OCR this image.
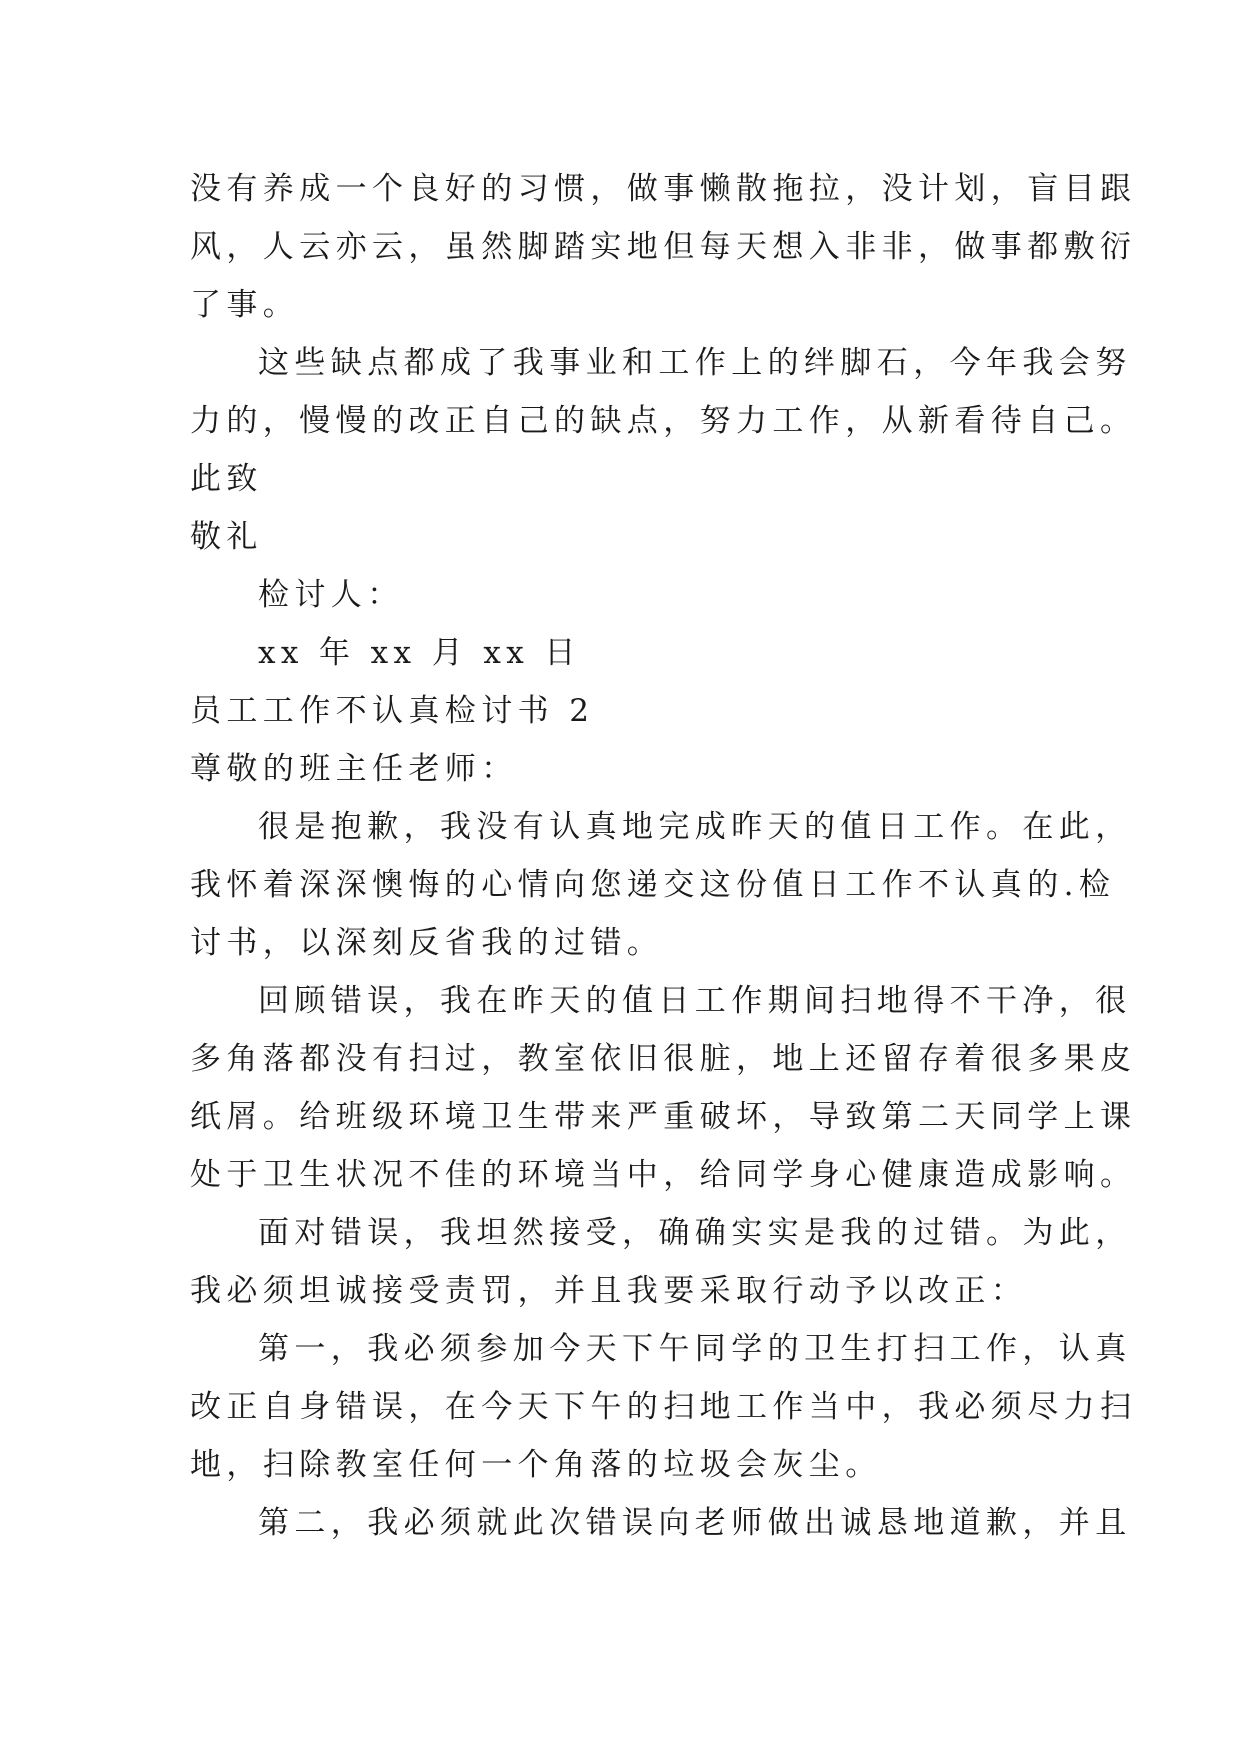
没有养成一个良好的习惯，做事懒散拖拉，没计划，盲目跟
风，人云亦云，虽然脚踏实地但每天想入非非，做事都敷衍
了事。
这些缺点都成了我事业和工作上的绊脚石，今年我会努
力的，慢慢的改正自己的缺点，努力工作，从新看待自己。
此致
敬礼
检讨人：
xx 年 xx 月 xx 日
员工工作不认真检讨书 2
尊敬的班主任老师：
很是抱歉，我没有认真地完成昨天的值日工作。在此，
我怀着深深懊悔的心情向您递交这份值日工作不认真的.检
讨书，以深刻反省我的过错。
回顾错误，我在昨天的值日工作期间扫地得不干净，很
多角落都没有扫过，教室依旧很脏，地上还留存着很多果皮
纸屑。给班级环境卫生带来严重破坏，导致第二天同学上课
处于卫生状况不佳的环境当中，给同学身心健康造成影响。
面对错误，我坦然接受，确确实实是我的过错。为此，
我必须坦诚接受责罚，并且我要采取行动予以改正：
第一，我必须参加今天下午同学的卫生打扫工作，认真
改正自身错误，在今天下午的扫地工作当中，我必须尽力扫
地，扫除教室任何一个角落的垃圾会灰尘。
第二，我必须就此次错误向老师做出诚恳地道歉，并且
